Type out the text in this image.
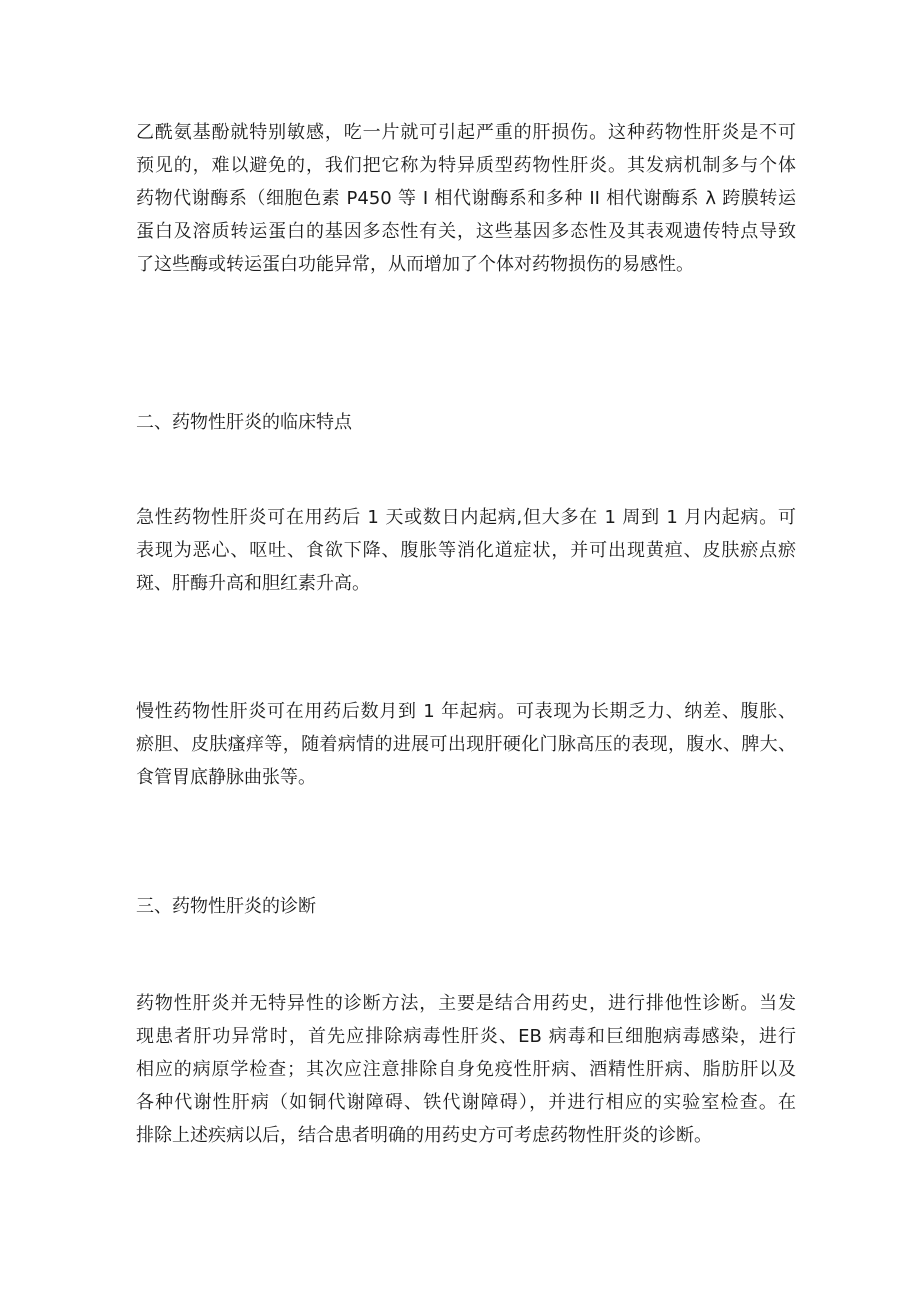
乙酰氨基酚就特别敏感，吃一片就可引起严重的肝损伤。这种药物性肝炎是不可
预见的，难以避免的，我们把它称为特异质型药物性肝炎。其发病机制多与个体
药物代谢酶系（细胞色素 P450 等 I 相代谢酶系和多种 II 相代谢酶系 λ 跨膜转运
蛋白及溶质转运蛋白的基因多态性有关，这些基因多态性及其表观遗传特点导致
了这些酶或转运蛋白功能异常，从而增加了个体对药物损伤的易感性。
二、药物性肝炎的临床特点
急性药物性肝炎可在用药后 1 天或数日内起病,但大多在 1 周到 1 月内起病。可
表现为恶心、呕吐、食欲下降、腹胀等消化道症状，并可出现黄疸、皮肤瘀点瘀
斑、肝酶升高和胆红素升高。
慢性药物性肝炎可在用药后数月到 1 年起病。可表现为长期乏力、纳差、腹胀、
瘀胆、皮肤瘙痒等，随着病情的进展可出现肝硬化门脉高压的表现，腹水、脾大、
食管胃底静脉曲张等。
三、药物性肝炎的诊断
药物性肝炎并无特异性的诊断方法，主要是结合用药史，进行排他性诊断。当发
现患者肝功异常时，首先应排除病毒性肝炎、EB 病毒和巨细胞病毒感染，进行
相应的病原学检查；其次应注意排除自身免疫性肝病、酒精性肝病、脂肪肝以及
各种代谢性肝病（如铜代谢障碍、铁代谢障碍），并进行相应的实验室检查。在
排除上述疾病以后，结合患者明确的用药史方可考虑药物性肝炎的诊断。
